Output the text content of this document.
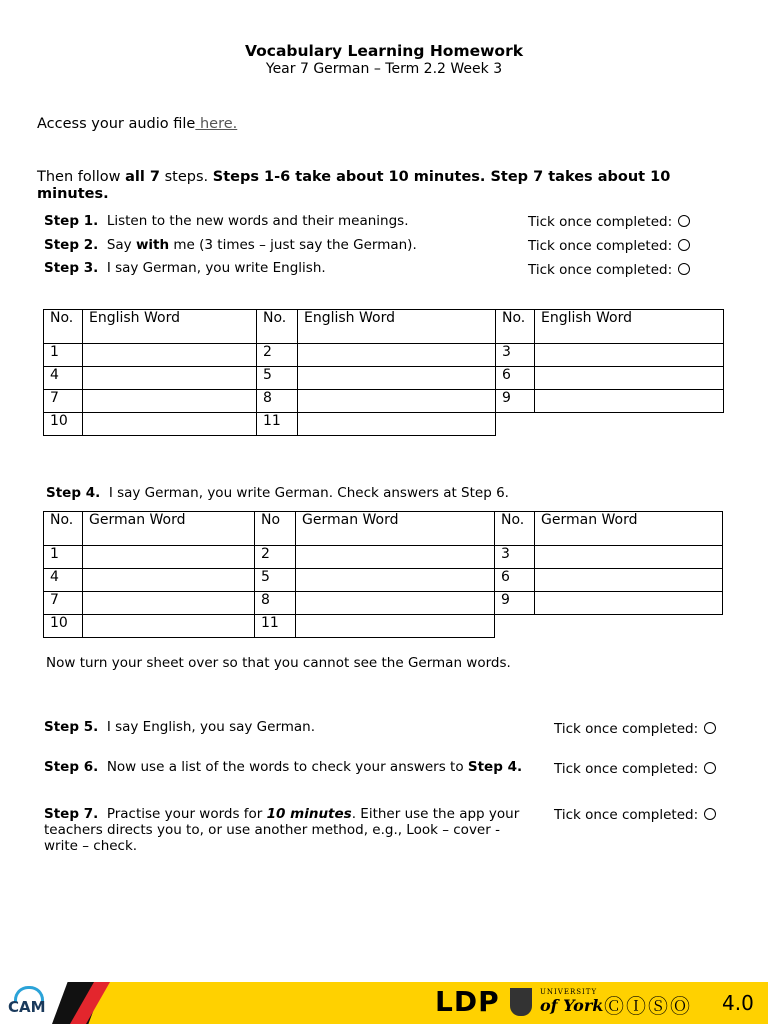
Vocabulary Learning Homework
Year 7 German – Term 2.2 Week 3
Access your audio file here.
Then follow all 7 steps. Steps 1-6 take about 10 minutes. Step 7 takes about 10 minutes.
Step 1. Listen to the new words and their meanings.	Tick once completed:
Step 2. Say with me (3 times – just say the German).	Tick once completed:
Step 3. I say German, you write English.	Tick once completed:
No.	English Word	No.	English Word	No.	English Word
1		2		3	
4		5		6	
7		8		9	
10		11			
Step 4. I say German, you write German. Check answers at Step 6.
No.	German Word	No	German Word	No.	German Word
1		2		3	
4		5		6	
7		8		9	
10		11			
Now turn your sheet over so that you cannot see the German words.
Step 5. I say English, you say German.	Tick once completed:
Step 6. Now use a list of the words to check your answers to Step 4.	Tick once completed:
Step 7. Practise your words for 10 minutes. Either use the app your teachers directs you to, or use another method, e.g., Look – cover -write – check.
Tick once completed:
CAM	LDP	UNIVERSITY
of York ⒸⒾⓈⓄ 4.0
